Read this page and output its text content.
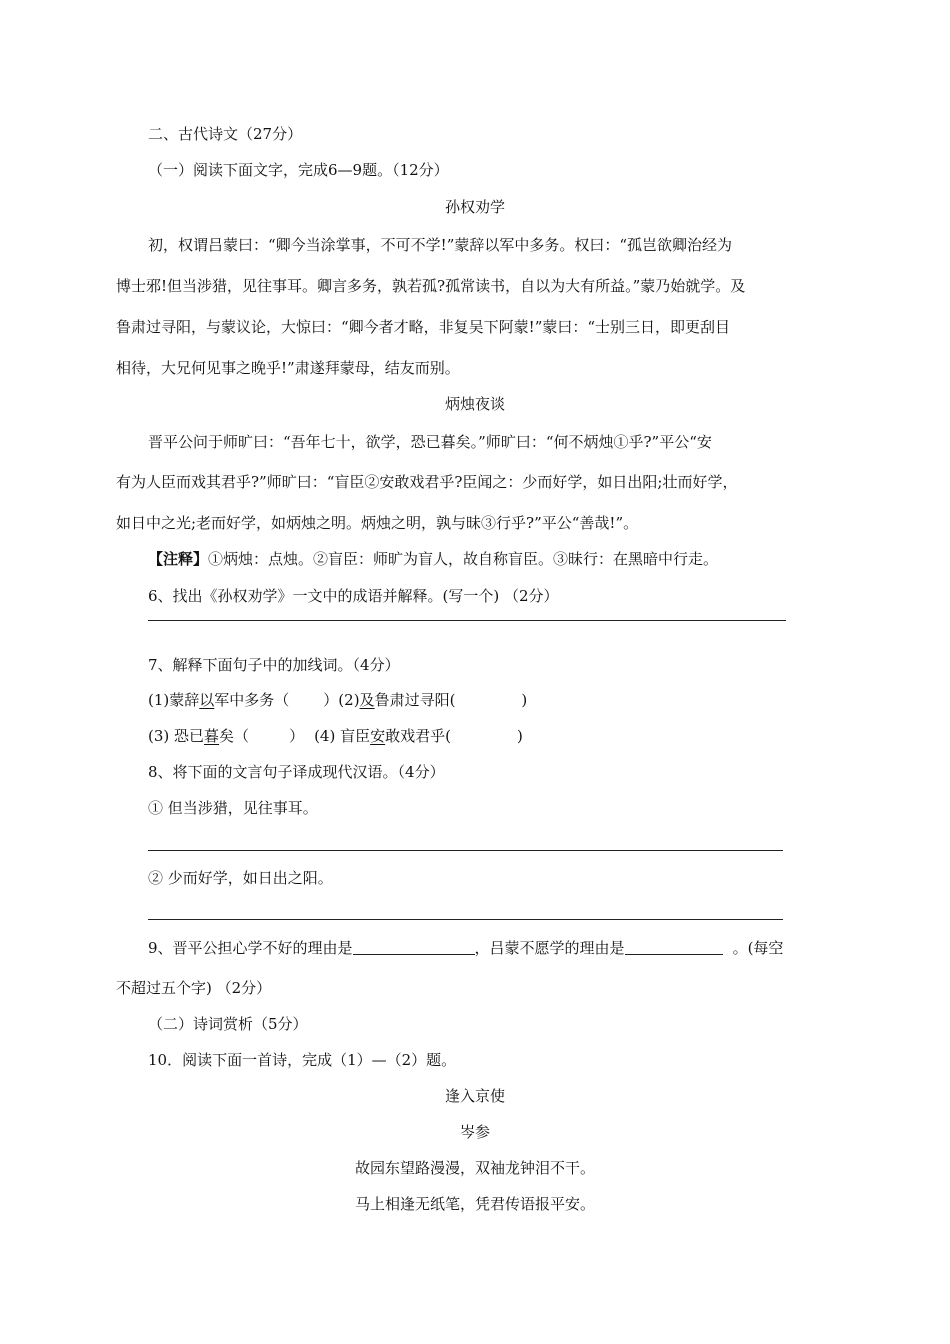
二、古代诗文（27分）
（一）阅读下面文字，完成6—9题。（12分）
孙权劝学
初，权谓吕蒙曰：“卿今当涂掌事，不可不学!”蒙辞以军中多务。权曰：“孤岂欲卿治经为
博士邪!但当涉猎，见往事耳。卿言多务，孰若孤?孤常读书，自以为大有所益。”蒙乃始就学。及
鲁肃过寻阳，与蒙议论，大惊曰：“卿今者才略，非复吴下阿蒙!”蒙曰：“士别三日，即更刮目
相待，大兄何见事之晚乎!”肃遂拜蒙母，结友而别。
炳烛夜谈
晋平公问于师旷曰：“吾年七十，欲学，恐已暮矣。”师旷曰：“何不炳烛①乎?”平公“安
有为人臣而戏其君乎?”师旷曰：“盲臣②安敢戏君乎?臣闻之：少而好学，如日出阳;壮而好学，
如日中之光;老而好学，如炳烛之明。炳烛之明，孰与昧③行乎?”平公“善哉!”。
【注释】①炳烛：点烛。②盲臣：师旷为盲人，故自称盲臣。③昧行：在黑暗中行走。
6、找出《孙权劝学》一文中的成语并解释。(写一个) （2分）
7、解释下面句子中的加线词。（4分）
(1)蒙辞以军中多务（ ）(2)及鲁肃过寻阳(	)
(3) 恐已暮矣（	） (4) 盲臣安敢戏君乎(	)
8、将下面的文言句子译成现代汉语。（4分）
① 但当涉猎，见往事耳。
② 少而好学，如日出之阳。
9、晋平公担心学不好的理由是	，吕蒙不愿学的理由是	。(每空
不超过五个字) （2分）
（二）诗词赏析（5分）
10．阅读下面一首诗，完成（1）—（2）题。
逢入京使
岑参
故园东望路漫漫，双袖龙钟泪不干。
马上相逢无纸笔，凭君传语报平安。
